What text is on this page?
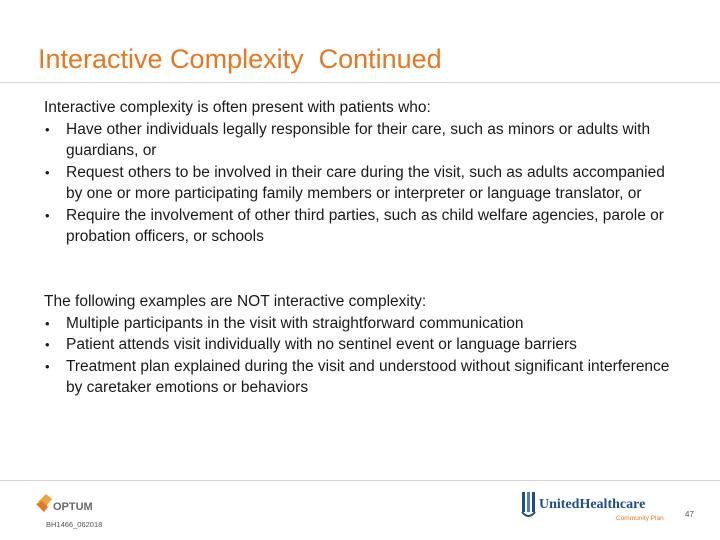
Interactive Complexity  Continued

Interactive complexity is often present with patients who:

• Have other individuals legally responsible for their care, such as minors or adults with guardians, or
• Request others to be involved in their care during the visit, such as adults accompanied by one or more participating family members or interpreter or language translator, or
• Require the involvement of other third parties, such as child welfare agencies, parole or probation officers, or schools

The following examples are NOT interactive complexity:

• Multiple participants in the visit with straightforward communication
• Patient attends visit individually with no sentinel event or language barriers
• Treatment plan explained during the visit and understood without significant interference by caretaker emotions or behaviors
OPTUM
BH1466_062018
UnitedHealthcare
Community Plan	47
